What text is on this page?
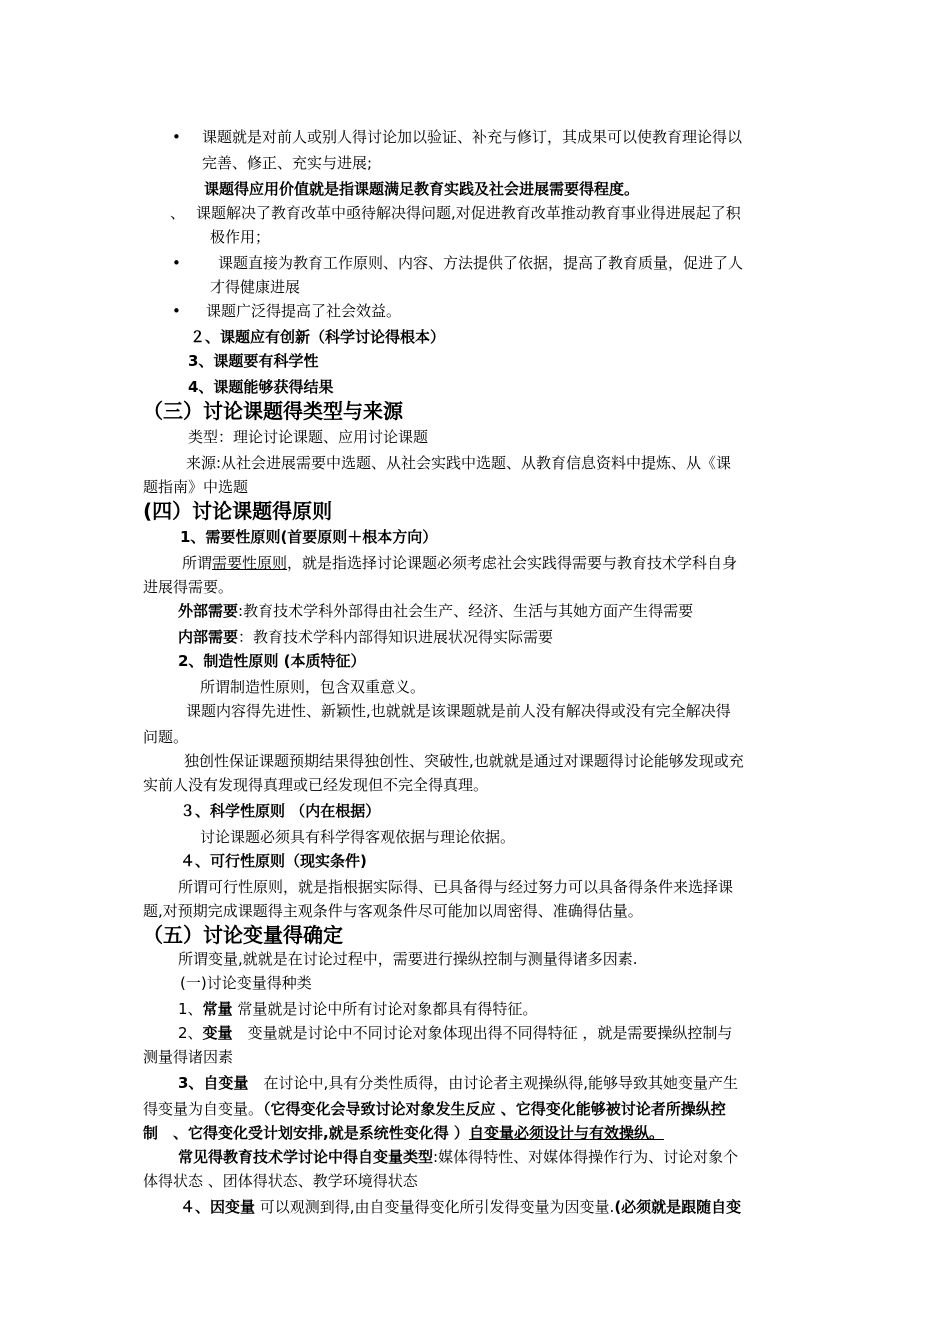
• 课题就是对前人或别人得讨论加以验证、补充与修订，其成果可以使教育理论得以
完善、修正、充实与进展;
课题得应用价值就是指课题满足教育实践及社会进展需要得程度。
、 课题解决了教育改革中亟待解决得问题,对促进教育改革推动教育事业得进展起了积
极作用；
• 课题直接为教育工作原则、内容、方法提供了依据，提高了教育质量，促进了人
才得健康进展
• 课题广泛得提高了社会效益。
２、课题应有创新（科学讨论得根本）
3、课题要有科学性
4、课题能够获得结果
（三）讨论课题得类型与来源
类型：理论讨论课题、应用讨论课题
来源:从社会进展需要中选题、从社会实践中选题、从教育信息资料中提炼、从《课
题指南》中选题
(四）讨论课题得原则
1、需要性原则(首要原则＋根本方向）
所谓需要性原则，就是指选择讨论课题必须考虑社会实践得需要与教育技术学科自身
进展得需要。
外部需要:教育技术学科外部得由社会生产、经济、生活与其她方面产生得需要
内部需要：教育技术学科内部得知识进展状况得实际需要
2、制造性原则 (本质特征）
所谓制造性原则，包含双重意义。
课题内容得先进性、新颖性,也就就是该课题就是前人没有解决得或没有完全解决得
问题。
独创性保证课题预期结果得独创性、突破性,也就就是通过对课题得讨论能够发现或充
实前人没有发现得真理或已经发现但不完全得真理。
３、科学性原则 （内在根据）
讨论课题必须具有科学得客观依据与理论依据。
４、可行性原则（现实条件)
所谓可行性原则，就是指根据实际得、已具备得与经过努力可以具备得条件来选择课
题,对预期完成课题得主观条件与客观条件尽可能加以周密得、准确得估量。
（五）讨论变量得确定
所谓变量,就就是在讨论过程中，需要进行操纵控制与测量得诸多因素.
(一)讨论变量得种类
1、常量 常量就是讨论中所有讨论对象都具有得特征。
2、变量　变量就是讨论中不同讨论对象体现出得不同得特征 ，就是需要操纵控制与
测量得诸因素
3、自变量　在讨论中,具有分类性质得，由讨论者主观操纵得,能够导致其她变量产生
得变量为自变量。（它得变化会导致讨论对象发生反应 、它得变化能够被讨论者所操纵控
制　、它得变化受计划安排,就是系统性变化得 ）自变量必须设计与有效操纵。
常见得教育技术学讨论中得自变量类型:媒体得特性、对媒体得操作行为、讨论对象个
体得状态 、团体得状态、教学环境得状态
４、因变量 可以观测到得,由自变量得变化所引发得变量为因变量.(必须就是跟随自变
